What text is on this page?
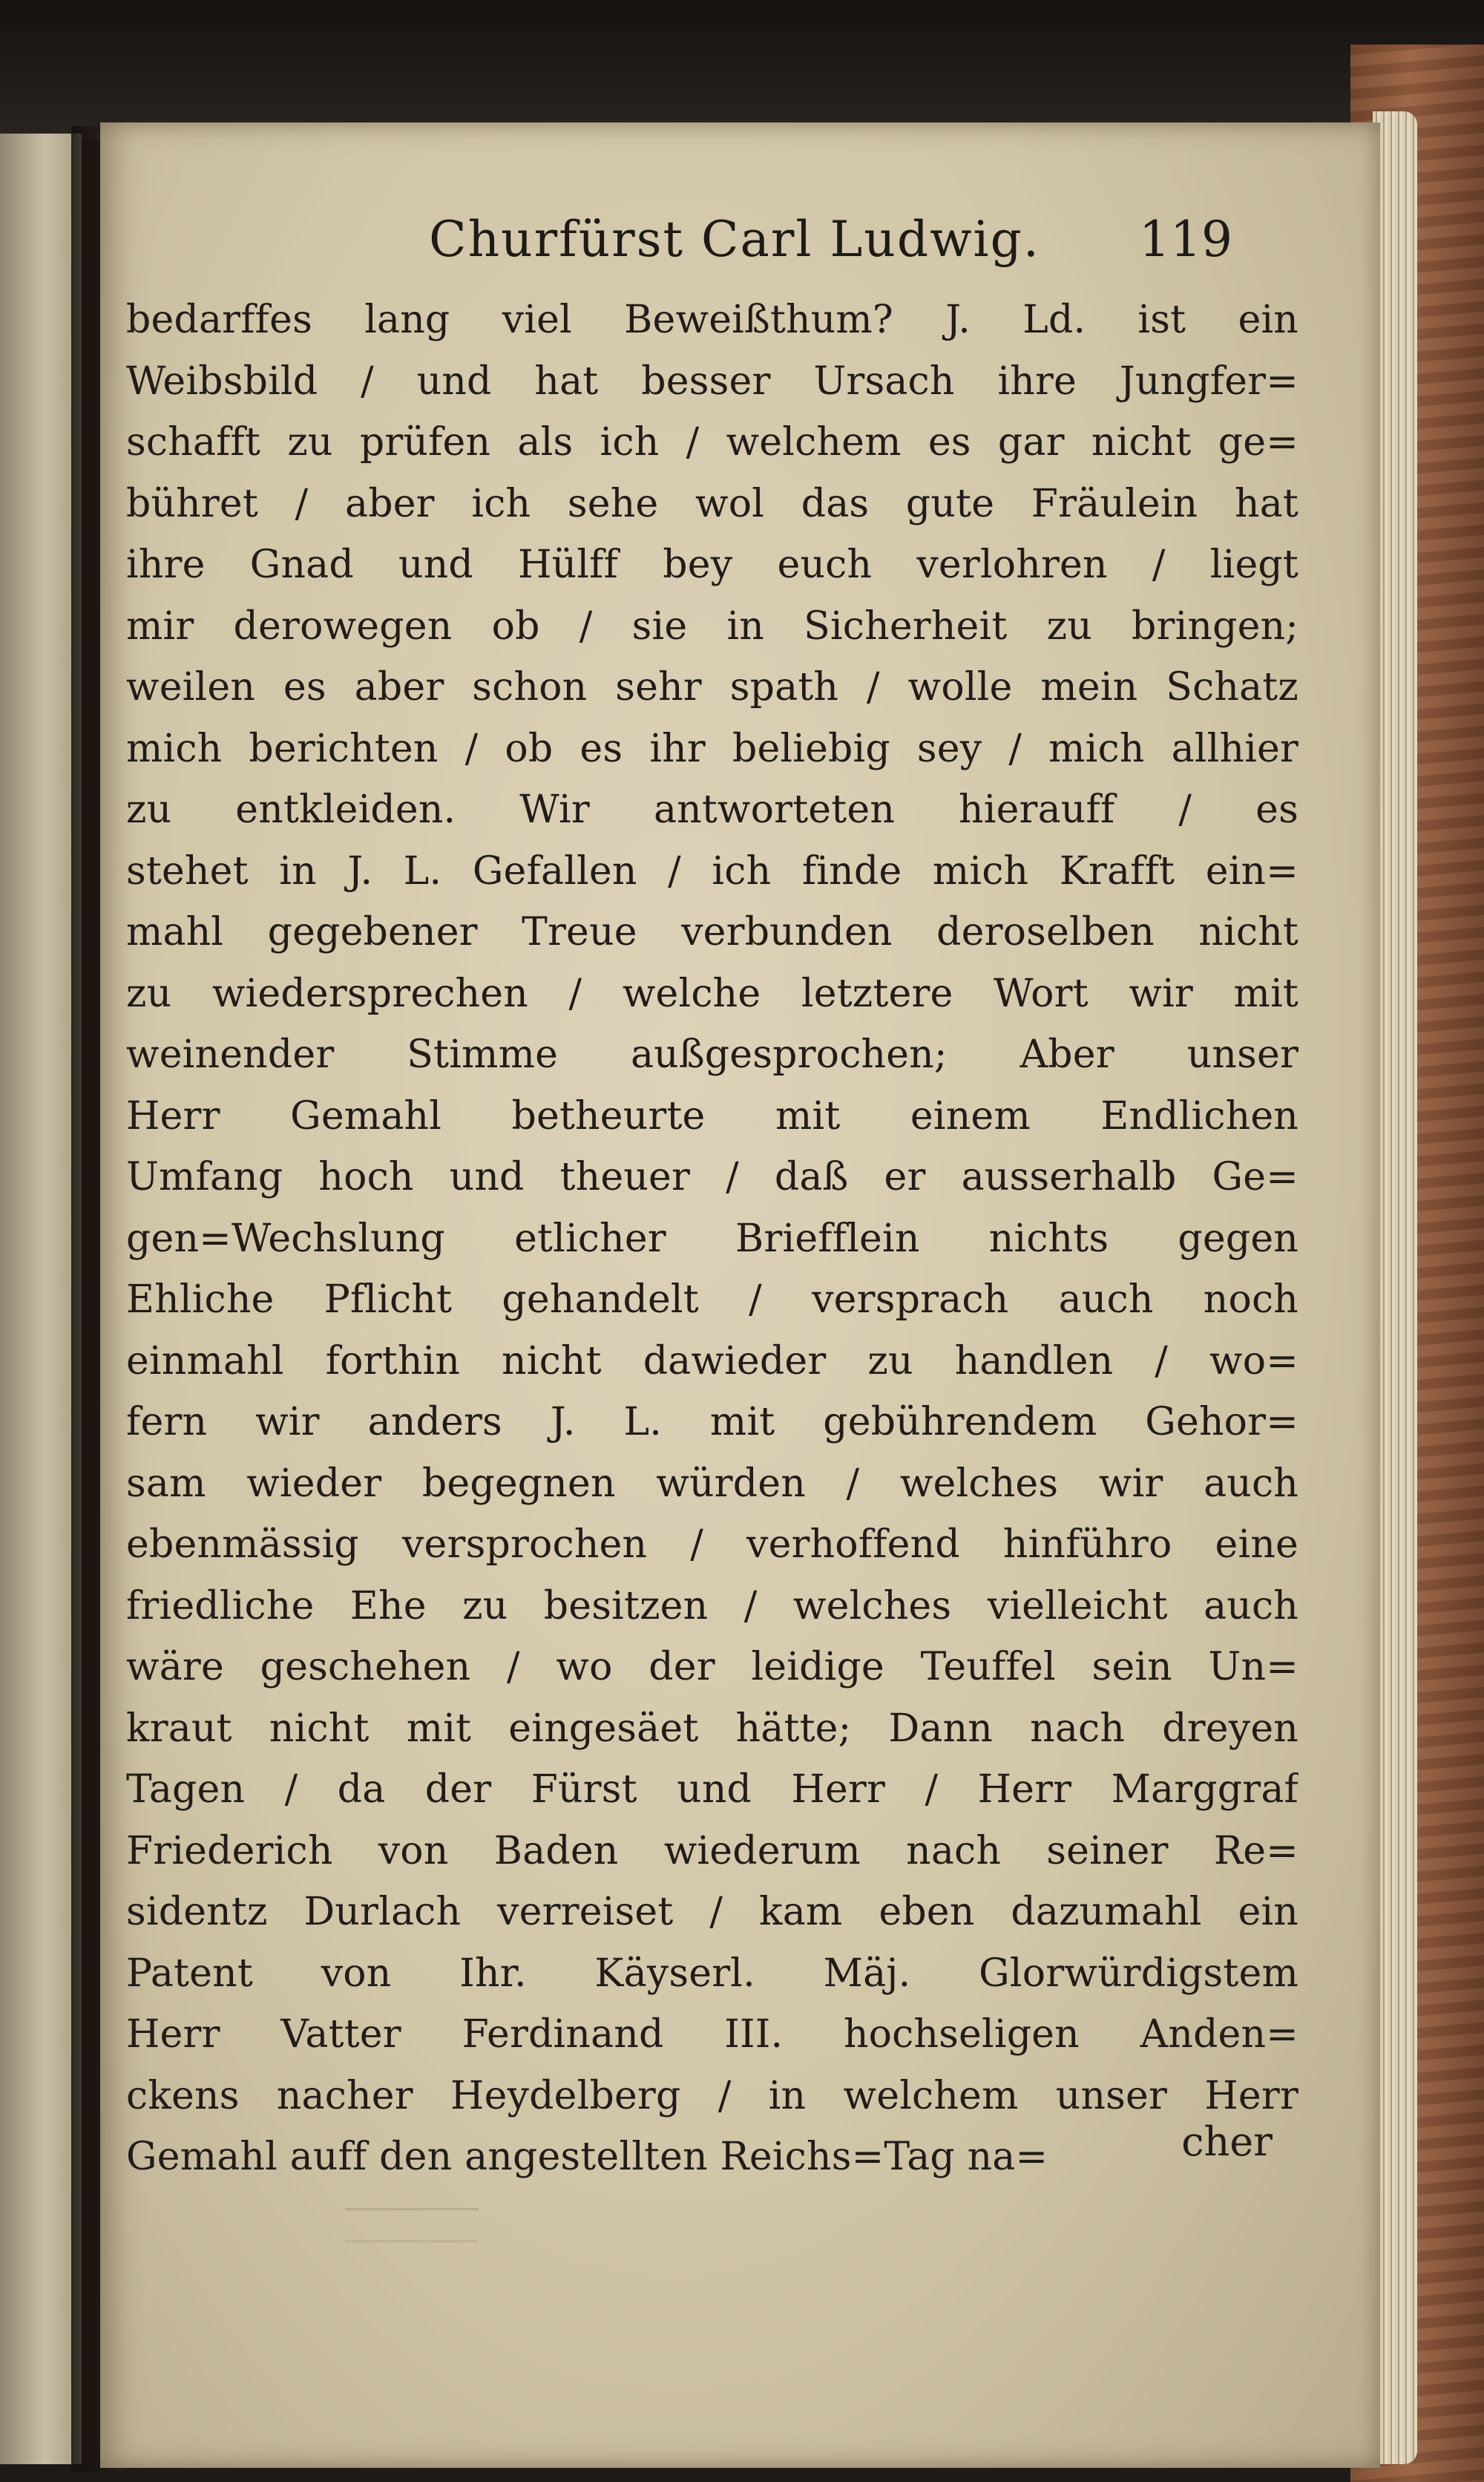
Churfürst Carl Ludwig.	119
bedarffes lang viel Beweißthum? J. Ld. ist ein
Weibsbild / und hat besser Ursach ihre Jungfer=
schafft zu prüfen als ich / welchem es gar nicht ge=
bühret / aber ich sehe wol das gute Fräulein hat
ihre Gnad und Hülff bey euch verlohren / liegt
mir derowegen ob / sie in Sicherheit zu bringen;
weilen es aber schon sehr spath / wolle mein Schatz
mich berichten / ob es ihr beliebig sey / mich allhier
zu entkleiden. Wir antworteten hierauff / es
stehet in J. L. Gefallen / ich finde mich Krafft ein=
mahl gegebener Treue verbunden deroselben nicht
zu wiedersprechen / welche letztere Wort wir mit
weinender Stimme außgesprochen; Aber unser
Herr Gemahl betheurte mit einem Endlichen
Umfang hoch und theuer / daß er ausserhalb Ge=
gen=Wechslung etlicher Briefflein nichts gegen
Ehliche Pflicht gehandelt / versprach auch noch
einmahl forthin nicht dawieder zu handlen / wo=
fern wir anders J. L. mit gebührendem Gehor=
sam wieder begegnen würden / welches wir auch
ebenmässig versprochen / verhoffend hinführo eine
friedliche Ehe zu besitzen / welches vielleicht auch
wäre geschehen / wo der leidige Teuffel sein Un=
kraut nicht mit eingesäet hätte; Dann nach dreyen
Tagen / da der Fürst und Herr / Herr Marggraf
Friederich von Baden wiederum nach seiner Re=
sidentz Durlach verreiset / kam eben dazumahl ein
Patent von Ihr. Käyserl. Mäj. Glorwürdigstem
Herr Vatter Ferdinand III. hochseligen Anden=
ckens nacher Heydelberg / in welchem unser Herr
Gemahl auff den angestellten Reichs=Tag na=	cher
